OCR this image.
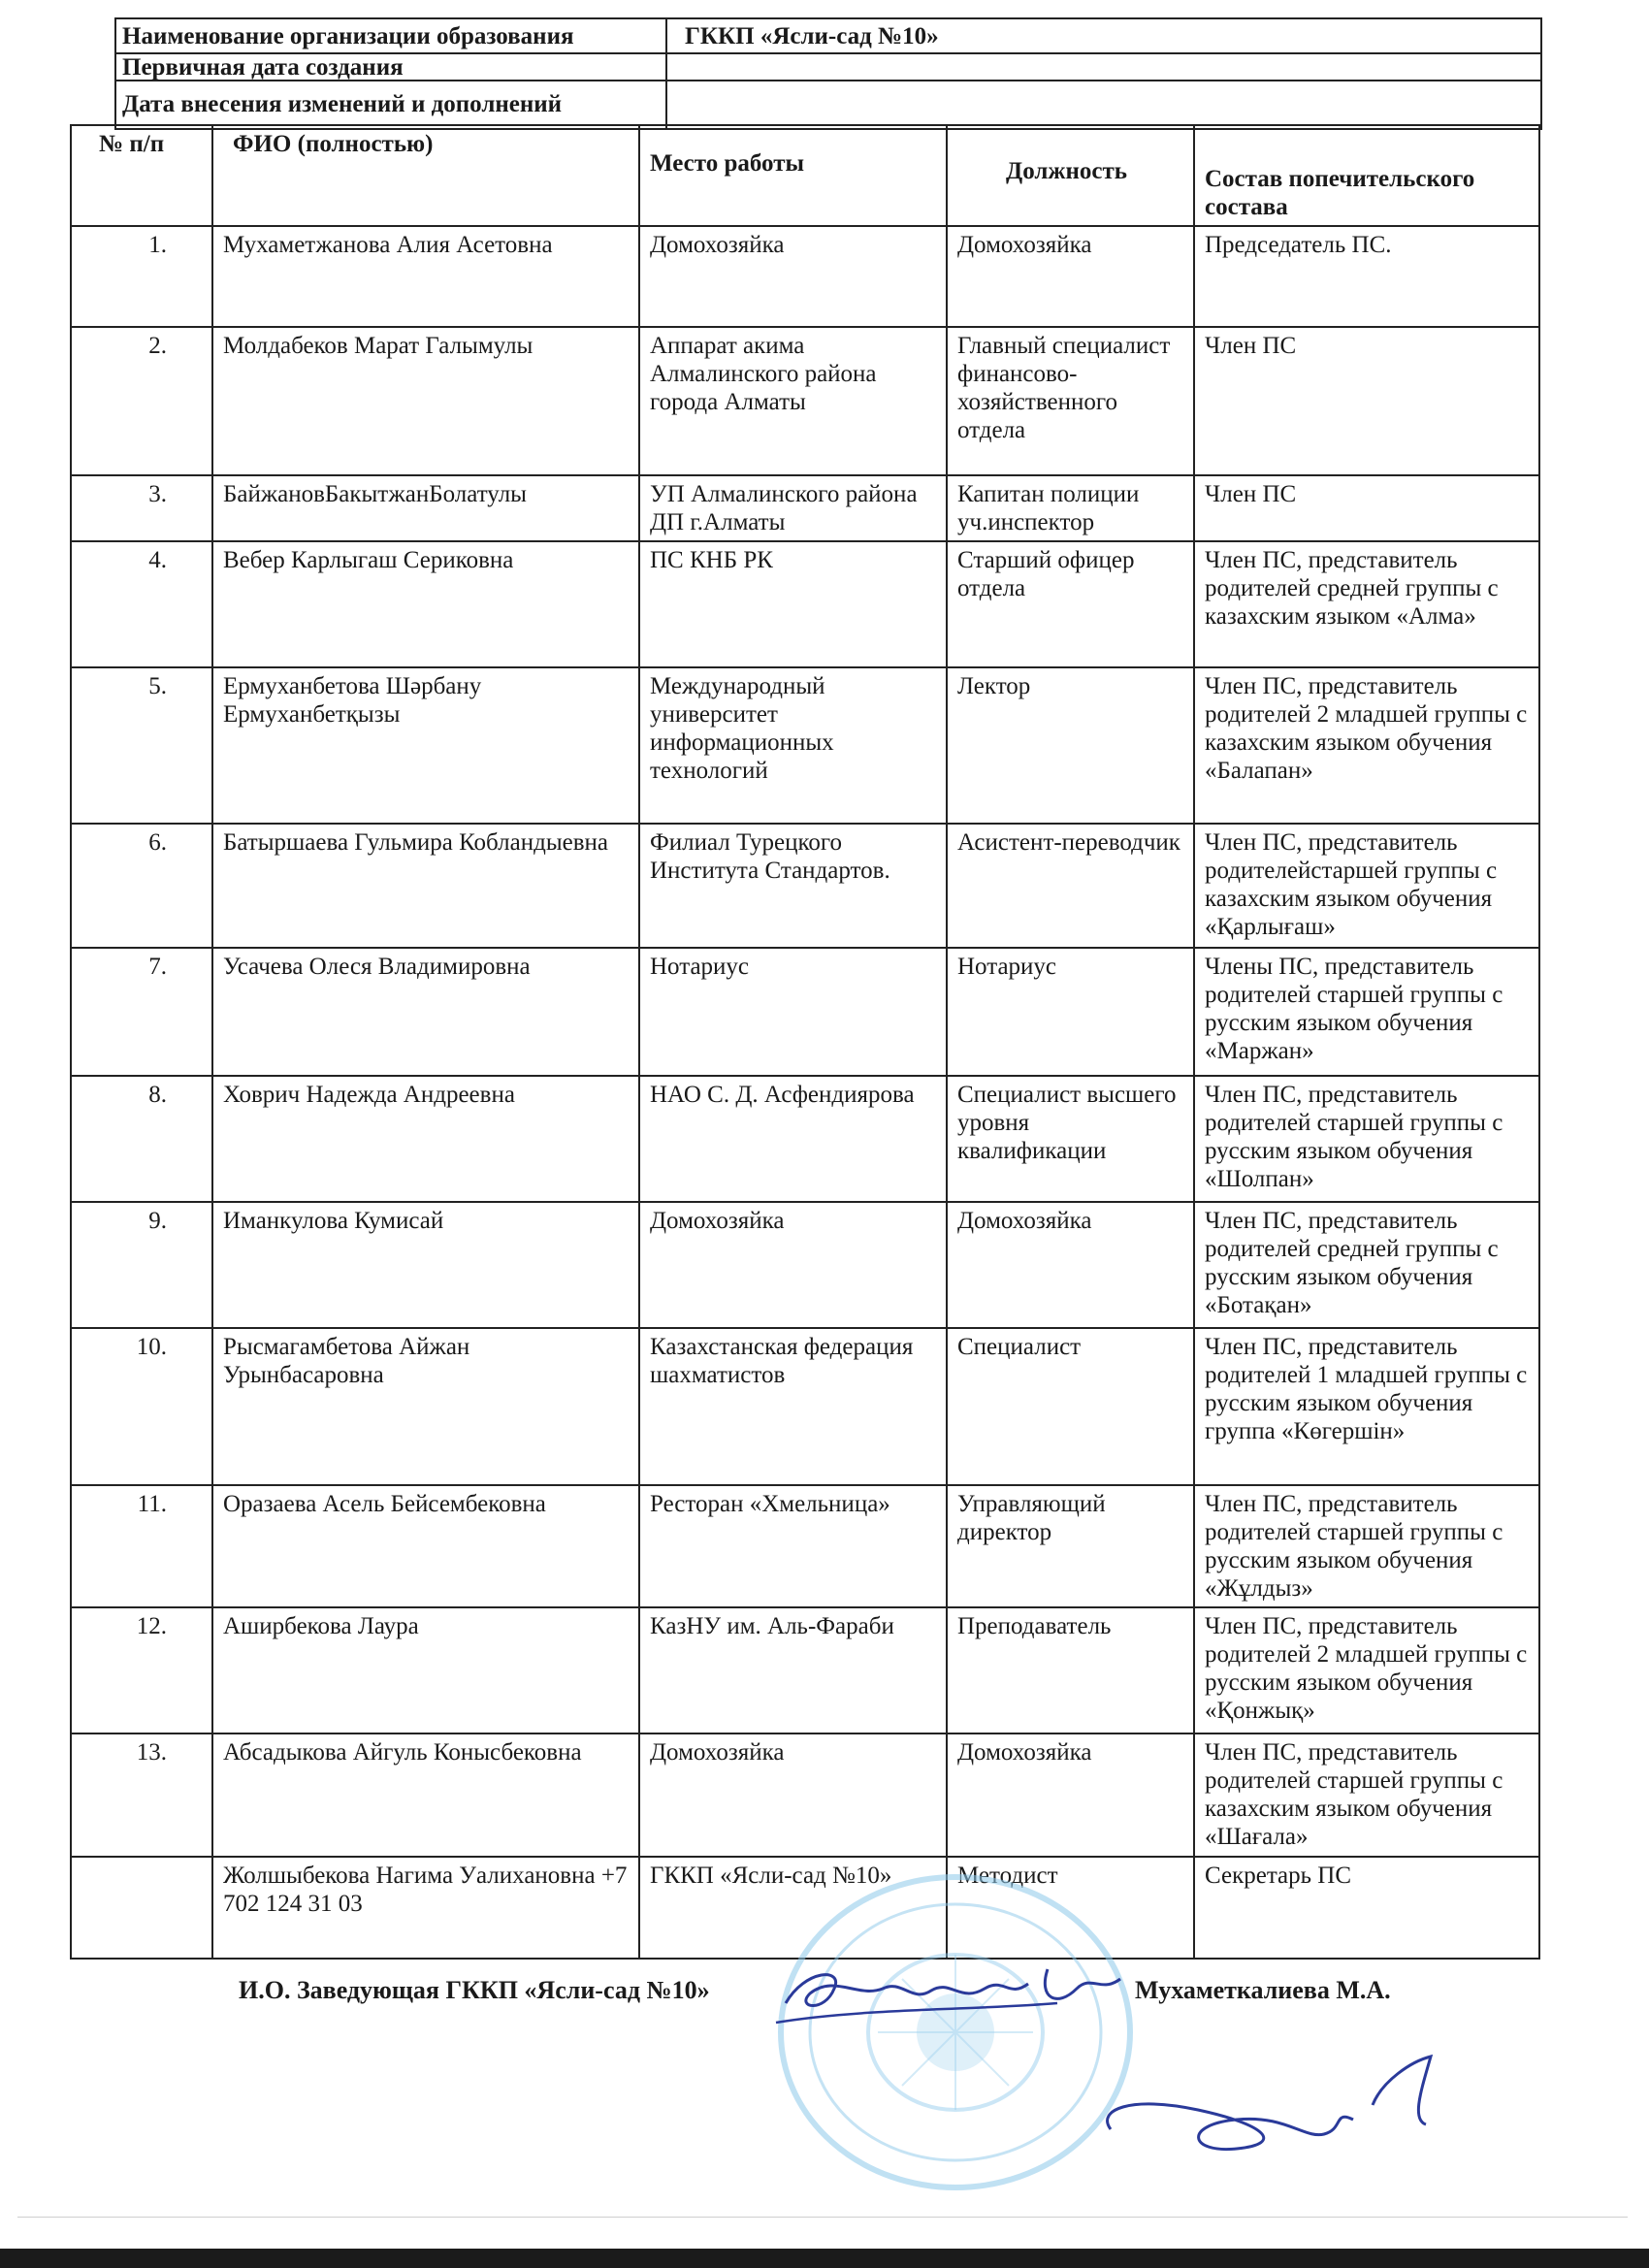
Наименование организации образования	ГККП «Ясли-сад №10»
Первичная дата создания
Дата внесения изменений и дополнений
№ п/п	ФИО (полностью)	Место работы	Должность	Состав попечительского состава
1.	Мухаметжанова Алия Асетовна	Домохозяйка	Домохозяйка	Председатель ПС.
2.	Молдабеков Марат Галымулы	Аппарат акима Алмалинского района города Алматы	Главный специалист финансово-хозяйственного отдела	Член ПС
3.	БайжановБакытжанБолатулы	УП Алмалинского района ДП г.Алматы	Капитан полиции уч.инспектор	Член ПС
4.	Вебер Карлыгаш Сериковна	ПС КНБ РК	Старший офицер отдела	Член ПС, представитель родителей средней группы с казахским языком «Алма»
5.	Ермуханбетова Шәрбану Ермуханбетқызы	Международный университет информационных технологий	Лектор	Член ПС, представитель родителей 2 младшей группы с казахским языком обучения «Балапан»
6.	Батыршаева Гульмира Кобландыевна	Филиал Турецкого Института Стандартов.	Асистент-переводчик	Член ПС, представитель родителейстаршей группы с казахским языком обучения «Қарлығаш»
7.	Усачева Олеся Владимировна	Нотариус	Нотариус	Члены ПС, представитель родителей старшей группы с русским языком обучения «Маржан»
8.	Ховрич Надежда Андреевна	НАО С. Д. Асфендиярова	Специалист высшего уровня квалификации	Член ПС, представитель родителей старшей группы с русским языком обучения «Шолпан»
9.	Иманкулова Кумисай	Домохозяйка	Домохозяйка	Член ПС, представитель родителей средней группы с русским языком обучения «Ботақан»
10.	Рысмагамбетова Айжан Урынбасаровна	Казахстанская федерация шахматистов	Специалист	Член ПС, представитель родителей 1 младшей группы с русским языком обучения группа «Көгершін»
11.	Оразаева Асель Бейсембековна	Ресторан «Хмельница»	Управляющий директор	Член ПС, представитель родителей старшей группы с русским языком обучения «Жұлдыз»
12.	Аширбекова Лаура	КазНУ им. Аль-Фараби	Преподаватель	Член ПС, представитель родителей 2 младшей группы с русским языком обучения «Қонжық»
13.	Абсадыкова Айгуль Конысбековна	Домохозяйка	Домохозяйка	Член ПС, представитель родителей старшей группы с казахским языком обучения «Шағала»
	Жолшыбекова Нагима Уалихановна +7 702 124 31 03	ГККП «Ясли-сад №10»	Методист	Секретарь ПС
И.О. Заведующая ГККП «Ясли-сад №10»	Мухаметкалиева М.А.
